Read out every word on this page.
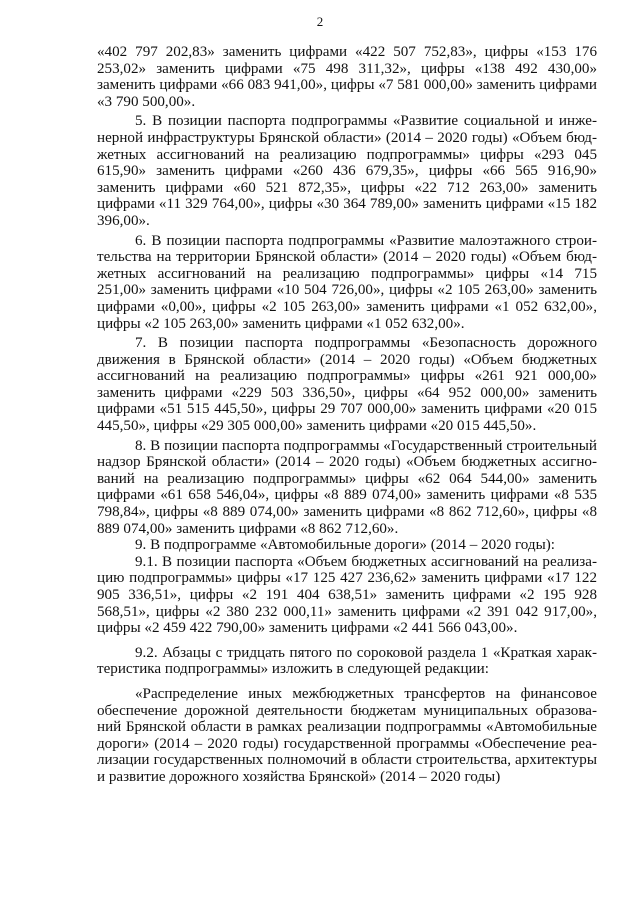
2

«402 797 202,83» заменить цифрами «422 507 752,83», цифры «153 176 253,02» заменить цифрами «75 498 311,32», цифры «138 492 430,00» заменить цифрами «66 083 941,00», цифры «7 581 000,00» заменить цифрами «3 790 500,00».

5. В позиции паспорта подпрограммы «Развитие социальной и инженерной инфраструктуры Брянской области» (2014 – 2020 годы) «Объем бюджетных ассигнований на реализацию подпрограммы» цифры «293 045 615,90» заменить цифрами «260 436 679,35», цифры «66 565 916,90» заменить цифрами «60 521 872,35», цифры «22 712 263,00» заменить цифрами «11 329 764,00», цифры «30 364 789,00» заменить цифрами «15 182 396,00».

6. В позиции паспорта подпрограммы «Развитие малоэтажного строительства на территории Брянской области» (2014 – 2020 годы) «Объем бюджетных ассигнований на реализацию подпрограммы» цифры «14 715 251,00» заменить цифрами «10 504 726,00», цифры «2 105 263,00» заменить цифрами «0,00», цифры «2 105 263,00» заменить цифрами «1 052 632,00», цифры «2 105 263,00» заменить цифрами «1 052 632,00».

7. В позиции паспорта подпрограммы «Безопасность дорожного движения в Брянской области» (2014 – 2020 годы) «Объем бюджетных ассигнований на реализацию подпрограммы» цифры «261 921 000,00» заменить цифрами «229 503 336,50», цифры «64 952 000,00» заменить цифрами «51 515 445,50», цифры 29 707 000,00» заменить цифрами «20 015 445,50», цифры «29 305 000,00» заменить цифрами «20 015 445,50».

8. В позиции паспорта подпрограммы «Государственный строительный надзор Брянской области» (2014 – 2020 годы) «Объем бюджетных ассигнований на реализацию подпрограммы» цифры «62 064 544,00» заменить цифрами «61 658 546,04», цифры «8 889 074,00» заменить цифрами «8 535 798,84», цифры «8 889 074,00» заменить цифрами «8 862 712,60», цифры «8 889 074,00» заменить цифрами «8 862 712,60».

9. В подпрограмме «Автомобильные дороги» (2014 – 2020 годы):

9.1. В позиции паспорта «Объем бюджетных ассигнований на реализацию подпрограммы» цифры «17 125 427 236,62» заменить цифрами «17 122 905 336,51», цифры «2 191 404 638,51» заменить цифрами «2 195 928 568,51», цифры «2 380 232 000,11» заменить цифрами «2 391 042 917,00», цифры «2 459 422 790,00» заменить цифрами «2 441 566 043,00».

9.2. Абзацы с тридцать пятого по сороковой раздела 1 «Краткая характеристика подпрограммы» изложить в следующей редакции:

«Распределение иных межбюджетных трансфертов на финансовое обеспечение дорожной деятельности бюджетам муниципальных образований Брянской области в рамках реализации подпрограммы «Автомобильные дороги» (2014 – 2020 годы) государственной программы «Обеспечение реализации государственных полномочий в области строительства, архитектуры и развитие дорожного хозяйства Брянской» (2014 – 2020 годы)
